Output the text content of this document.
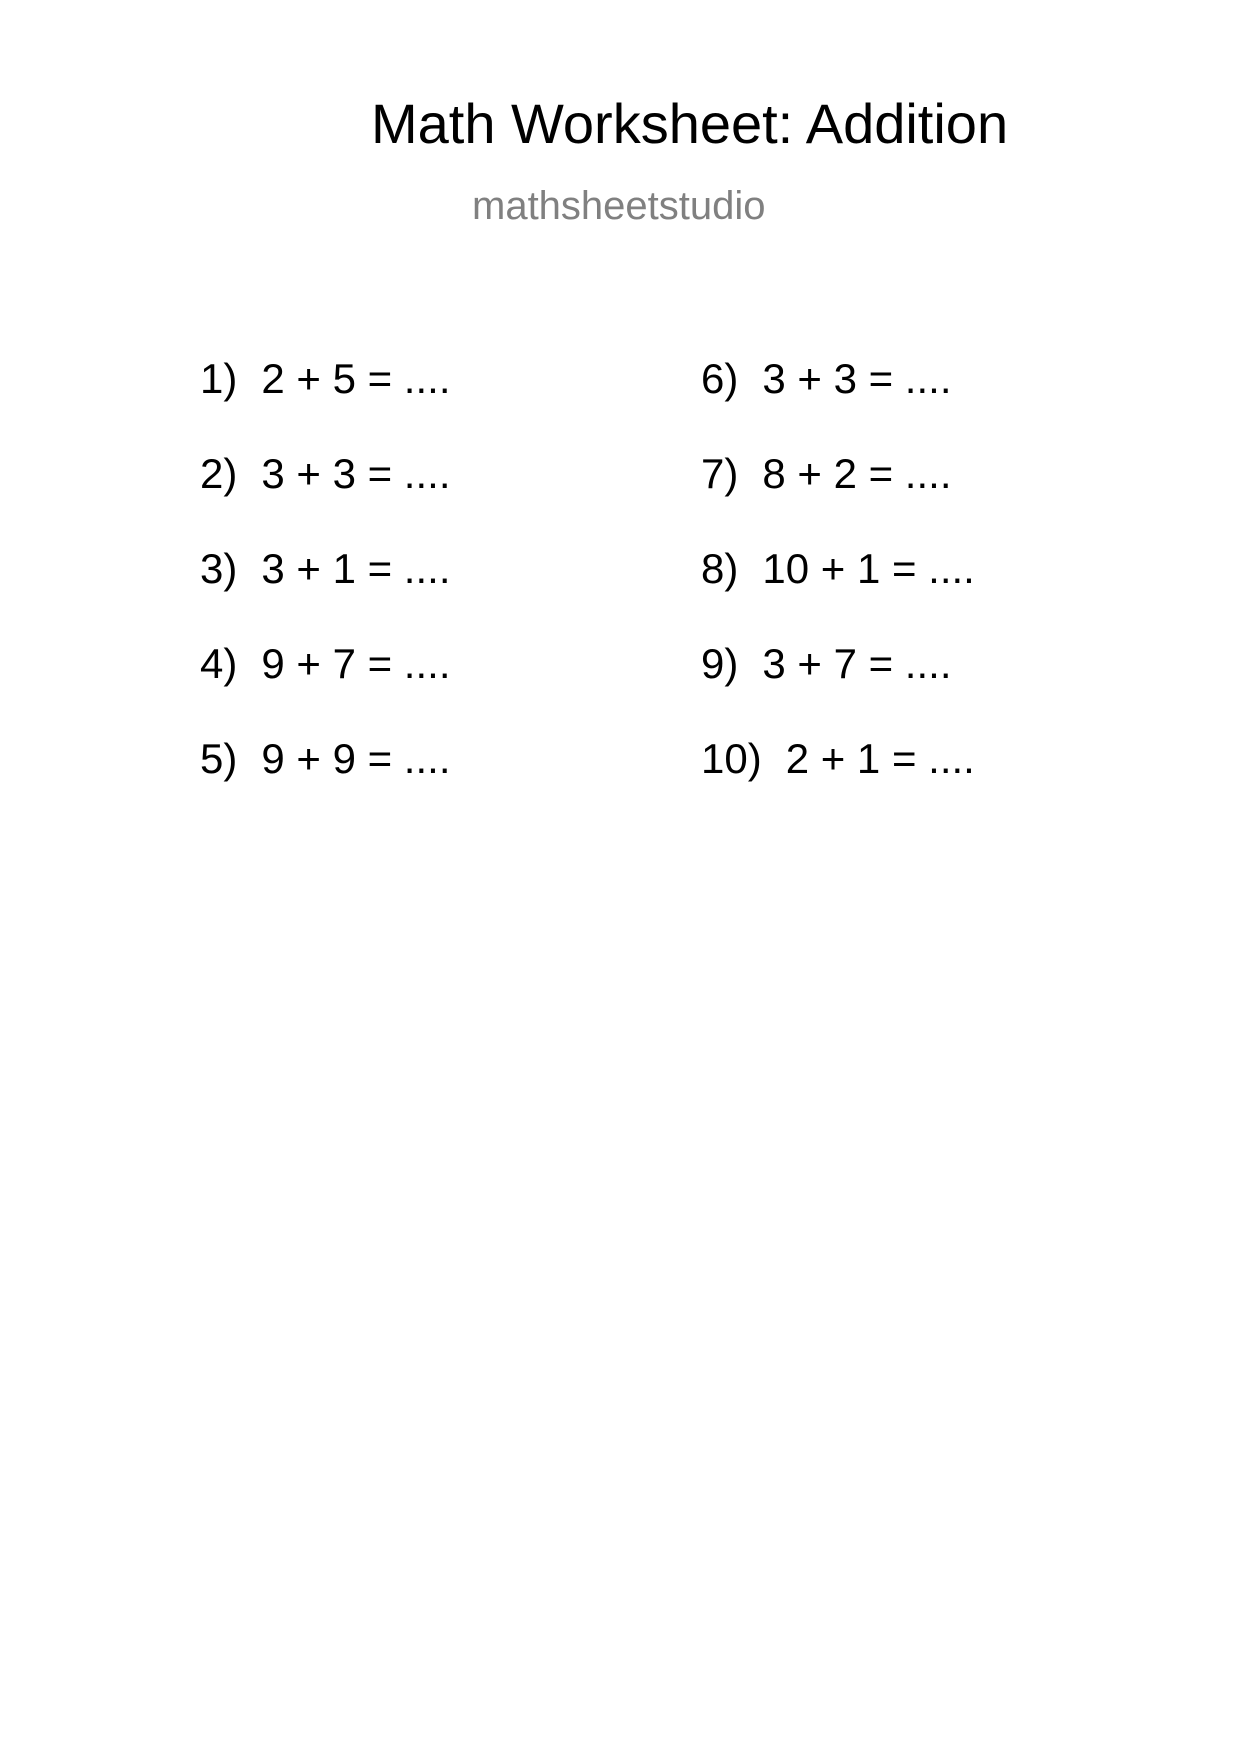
Math Worksheet: Addition
mathsheetstudio
1) 2 + 5 = ....
2) 3 + 3 = ....
3) 3 + 1 = ....
4) 9 + 7 = ....
5) 9 + 9 = ....
6) 3 + 3 = ....
7) 8 + 2 = ....
8) 10 + 1 = ....
9) 3 + 7 = ....
10) 2 + 1 = ....
